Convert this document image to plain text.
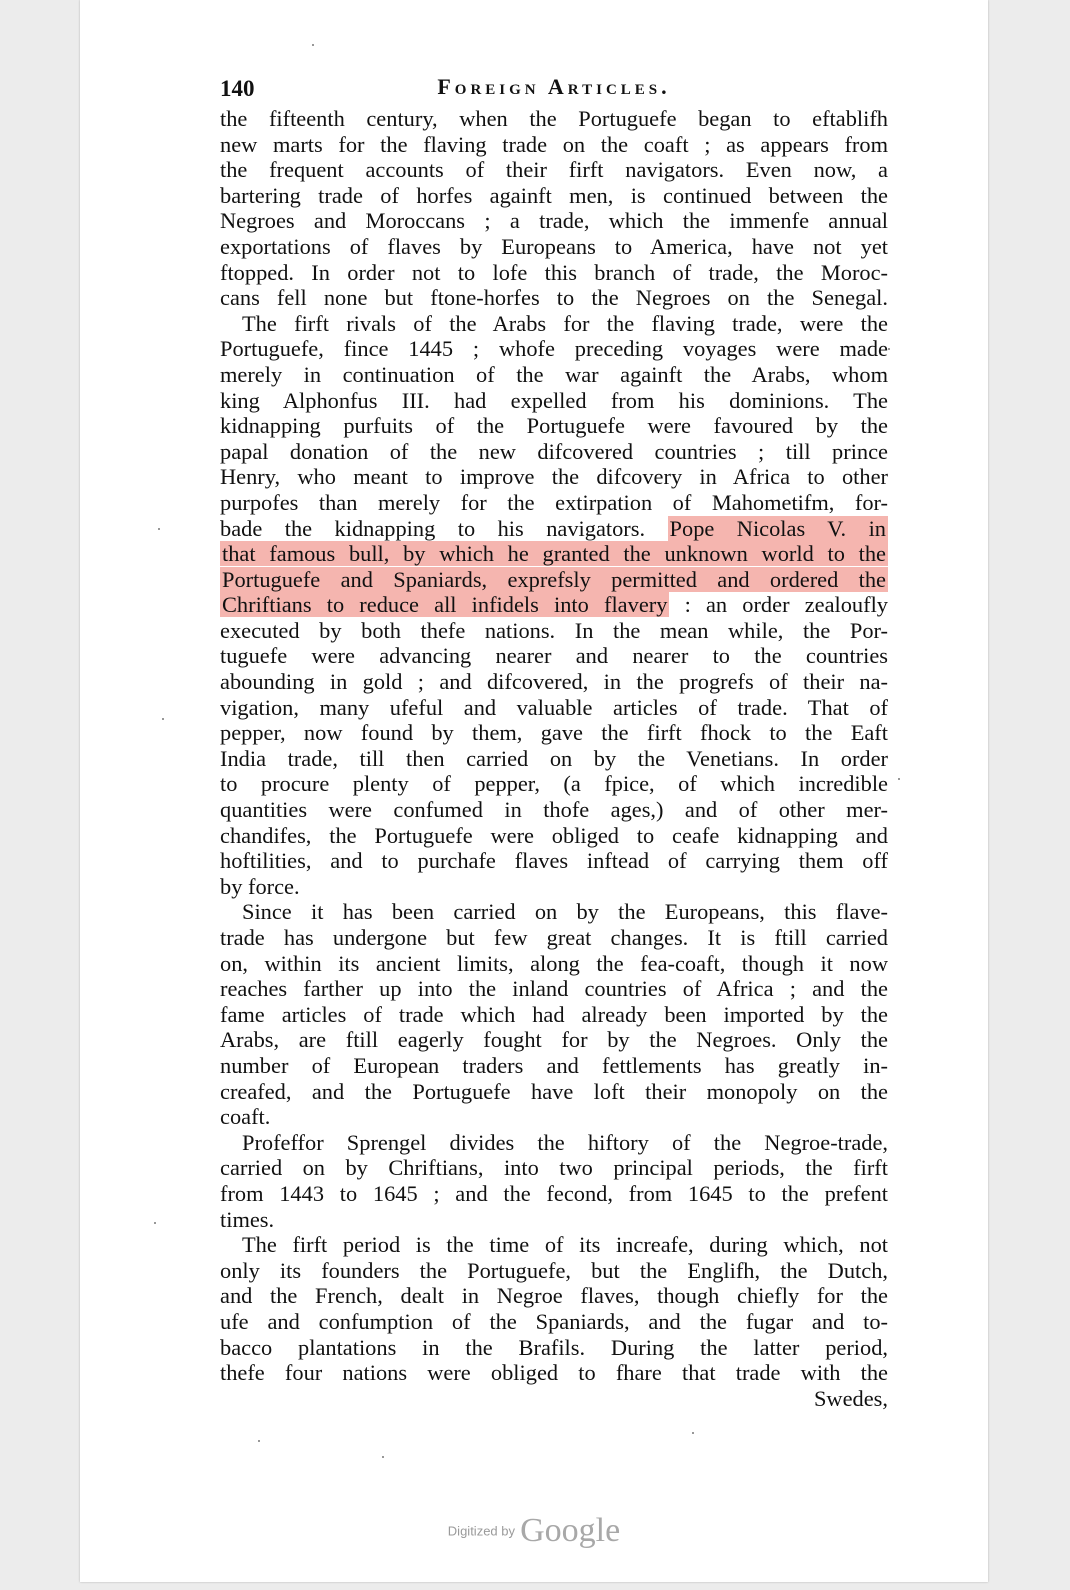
140	Foreign Articles.
the fifteenth century, when the Portuguefe began to eftablifh
new marts for the flaving trade on the coaft ; as appears from
the frequent accounts of their firft navigators. Even now, a
bartering trade of horfes againft men, is continued between the
Negroes and Moroccans ; a trade, which the immenfe annual
exportations of flaves by Europeans to America, have not yet
ftopped. In order not to lofe this branch of trade, the Moroc-
cans fell none but ftone-horfes to the Negroes on the Senegal.
The firft rivals of the Arabs for the flaving trade, were the
Portuguefe, fince 1445 ; whofe preceding voyages were made
merely in continuation of the war againft the Arabs, whom
king Alphonfus III. had expelled from his dominions. The
kidnapping purfuits of the Portuguefe were favoured by the
papal donation of the new difcovered countries ; till prince
Henry, who meant to improve the difcovery in Africa to other
purpofes than merely for the extirpation of Mahometifm, for-
bade the kidnapping to his navigators. Pope Nicolas V. in
that famous bull, by which he granted the unknown world to the
Portuguefe and Spaniards, exprefsly permitted and ordered the
Chriftians to reduce all infidels into flavery : an order zealoufly
executed by both thefe nations. In the mean while, the Por-
tuguefe were advancing nearer and nearer to the countries
abounding in gold ; and difcovered, in the progrefs of their na-
vigation, many ufeful and valuable articles of trade. That of
pepper, now found by them, gave the firft fhock to the Eaft
India trade, till then carried on by the Venetians. In order
to procure plenty of pepper, (a fpice, of which incredible
quantities were confumed in thofe ages,) and of other mer-
chandifes, the Portuguefe were obliged to ceafe kidnapping and
hoftilities, and to purchafe flaves inftead of carrying them off
by force.
Since it has been carried on by the Europeans, this flave-
trade has undergone but few great changes. It is ftill carried
on, within its ancient limits, along the fea-coaft, though it now
reaches farther up into the inland countries of Africa ; and the
fame articles of trade which had already been imported by the
Arabs, are ftill eagerly fought for by the Negroes. Only the
number of European traders and fettlements has greatly in-
creafed, and the Portuguefe have loft their monopoly on the
coaft.
Profeffor Sprengel divides the hiftory of the Negroe-trade,
carried on by Chriftians, into two principal periods, the firft
from 1443 to 1645 ; and the fecond, from 1645 to the prefent
times.
The firft period is the time of its increafe, during which, not
only its founders the Portuguefe, but the Englifh, the Dutch,
and the French, dealt in Negroe flaves, though chiefly for the
ufe and confumption of the Spaniards, and the fugar and to-
bacco plantations in the Brafils. During the latter period,
thefe four nations were obliged to fhare that trade with the
Swedes,
Digitized by Google
